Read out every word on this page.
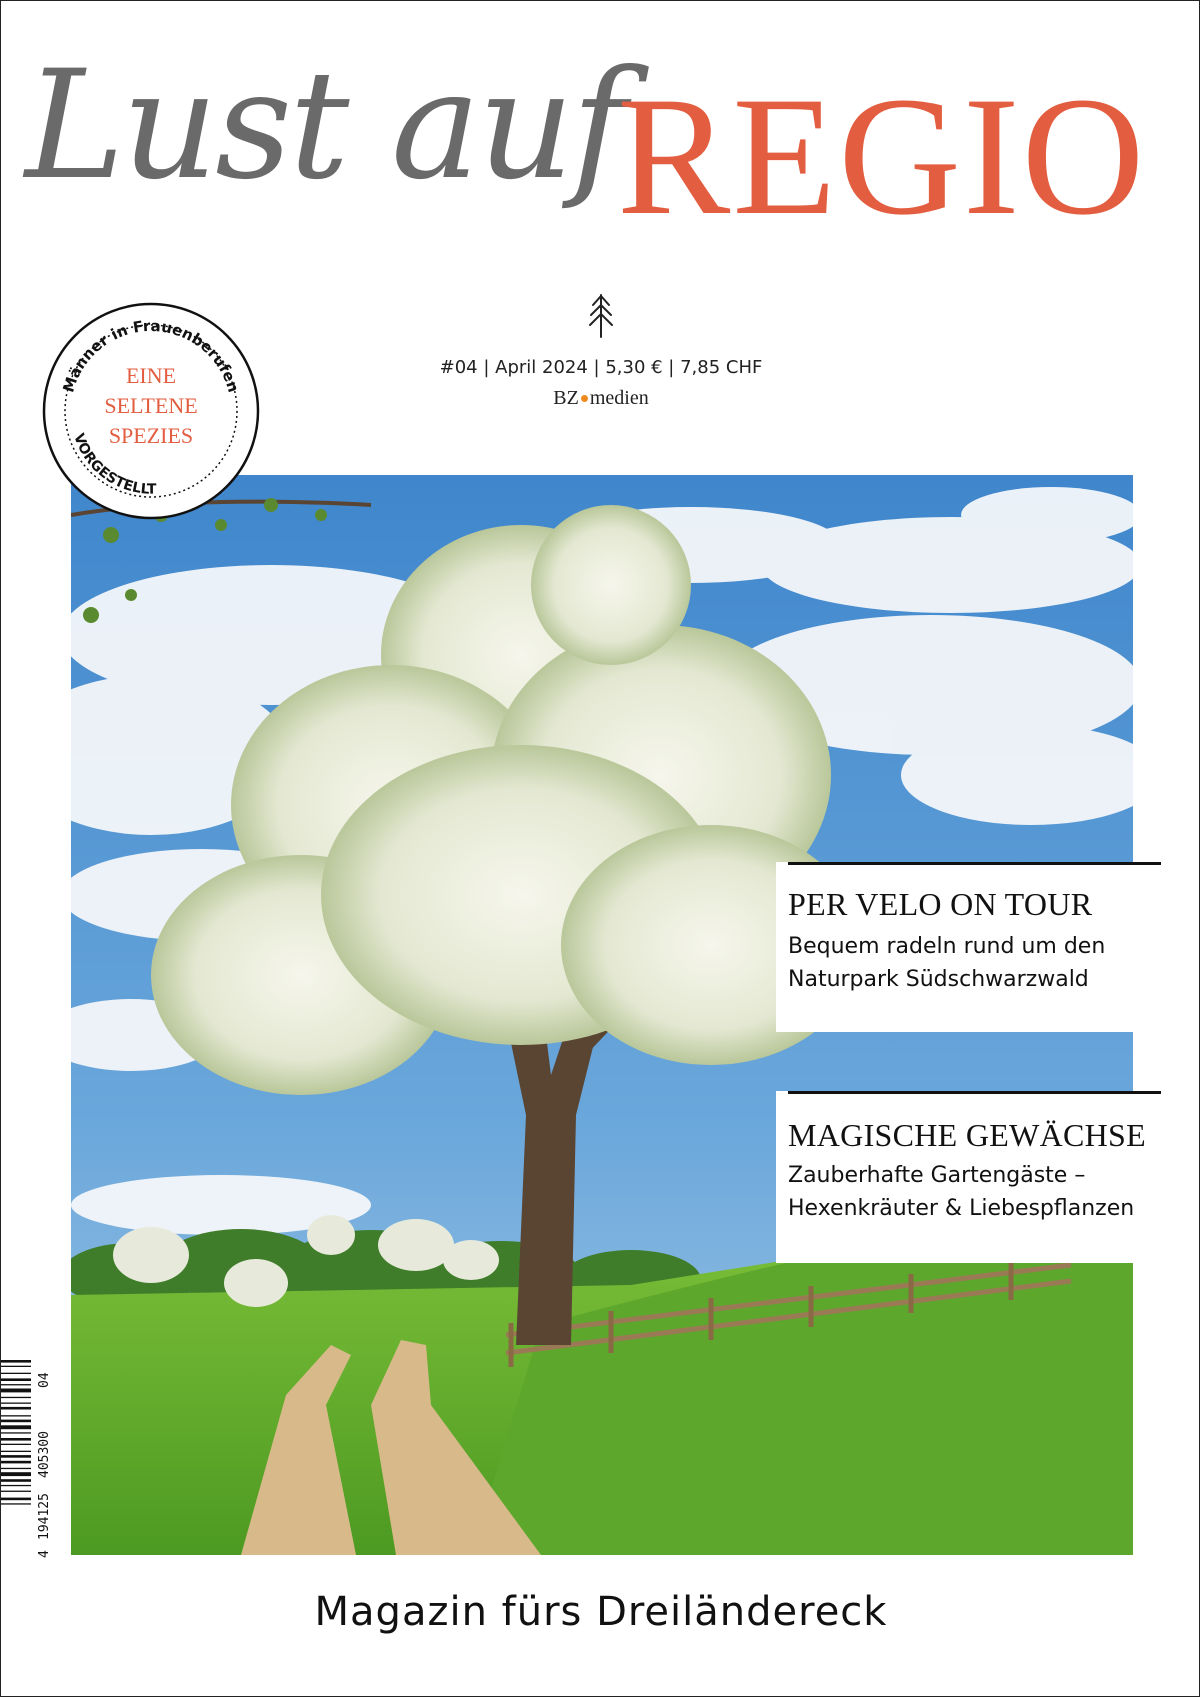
Lust auf
REGIO
#04 | April 2024 | 5,30 € | 7,85 CHF
BZ medien
Männer in Frauenberufen
VORGESTELLT
EINE
SELTENE
SPEZIES
PER VELO ON TOUR

Bequem radeln rund um den
Naturpark Südschwarzwald

MAGISCHE GEWÄCHSE

Zauberhafte Gartengäste –
Hexenkräuter & Liebespflanzen

4
194125
405300
04
Magazin fürs Dreiländereck
